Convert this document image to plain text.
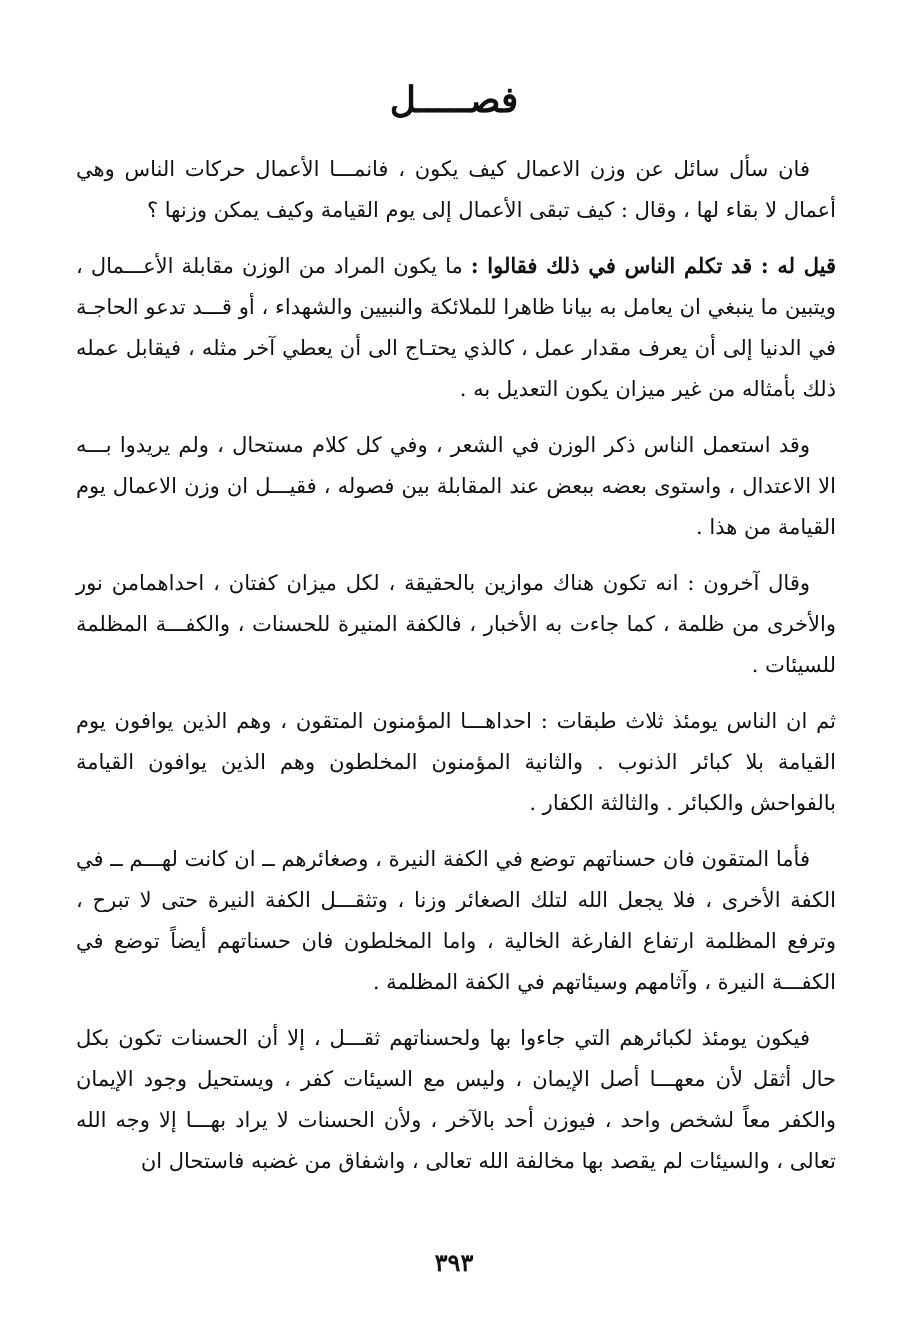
فصـــــل

فان سأل سائل عن وزن الاعمال كيف يكون ، فانمـــا الأعمال حركات الناس وهي أعمال لا بقاء لها ، وقال : كيف تبقى الأعمال إلى يوم القيامة وكيف يمكن وزنها ؟

قيل له : قد تكلم الناس في ذلك فقالوا : ما يكون المراد من الوزن مقابلة الأعـــمال ، ويتبين ما ينبغي ان يعامل به بيانا ظاهرا للملائكة والنبيين والشهداء ، أو قـــد تدعو الحاجـة في الدنيا إلى أن يعرف مقدار عمل ، كالذي يحتـاج الى أن يعطي آخر مثله ، فيقابل عمله ذلك بأمثاله من غير ميزان يكون التعديل به .

وقد استعمل الناس ذكر الوزن في الشعر ، وفي كل كلام مستحال ، ولم يريدوا بـــه الا الاعتدال ، واستوى بعضه ببعض عند المقابلة بين فصوله ، فقيـــل ان وزن الاعمال يوم القيامة من هذا .

وقال آخرون : انه تكون هناك موازين بالحقيقة ، لكل ميزان كفتان ، احداهمامن نور والأخرى من ظلمة ، كما جاءت به الأخبار ، فالكفة المنيرة للحسنات ، والكفـــة المظلمة للسيئات .

ثم ان الناس يومئذ ثلاث طبقات : احداهـــا المؤمنون المتقون ، وهم الذين يوافون يوم القيامة بلا كبائر الذنوب . والثانية المؤمنون المخلطون وهم الذين يوافون القيامة بالفواحش والكبائر . والثالثة الكفار .

فأما المتقون فان حسناتهم توضع في الكفة النيرة ، وصغائرهم ــ ان كانت لهـــم ــ في الكفة الأخرى ، فلا يجعل الله لتلك الصغائر وزنا ، وتثقـــل الكفة النيرة حتى لا تبرح ، وترفع المظلمة ارتفاع الفارغة الخالية ، واما المخلطون فان حسناتهم أيضاً توضع في الكفـــة النيرة ، وآثامهم وسيئاتهم في الكفة المظلمة .

فيكون يومئذ لكبائرهم التي جاءوا بها ولحسناتهم ثقـــل ، إلا أن الحسنات تكون بكل حال أثقل لأن معهـــا أصل الإيمان ، وليس مع السيئات كفر ، ويستحيل وجود الإيمان والكفر معاً لشخص واحد ، فيوزن أحد بالآخر ، ولأن الحسنات لا يراد بهـــا إلا وجه الله تعالى ، والسيئات لم يقصد بها مخالفة الله تعالى ، واشفاق من غضبه فاستحال ان

٣٩٣
